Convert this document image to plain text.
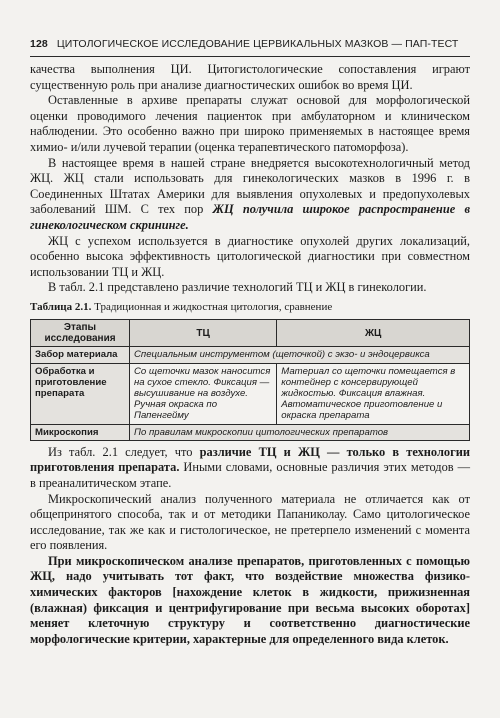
128 ЦИТОЛОГИЧЕСКОЕ ИССЛЕДОВАНИЕ ЦЕРВИКАЛЬНЫХ МАЗКОВ — ПАП-ТЕСТ

качества выполнения ЦИ. Цитогистологические сопоставления играют существенную роль при анализе диагностических ошибок во время ЦИ.

Оставленные в архиве препараты служат основой для морфологической оценки проводимого лечения пациенток при амбулаторном и клиническом наблюдении. Это особенно важно при широко применяемых в настоящее время химио- и/или лучевой терапии (оценка терапевтического патоморфоза).

В настоящее время в нашей стране внедряется высокотехнологичный метод ЖЦ. ЖЦ стали использовать для гинекологических мазков в 1996 г. в Соединенных Штатах Америки для выявления опухолевых и предопухолевых заболеваний ШМ. С тех пор ЖЦ получила широкое распространение в гинекологическом скрининге.

ЖЦ с успехом используется в диагностике опухолей других локализаций, особенно высока эффективность цитологической диагностики при совместном использовании ТЦ и ЖЦ.

В табл. 2.1 представлено различие технологий ТЦ и ЖЦ в гинекологии.

Таблица 2.1. Традиционная и жидкостная цитология, сравнение
Этапы исследования	ТЦ	ЖЦ
Забор материала	Специальным инструментом (щеточкой) с экзо- и эндоцервикса	
Обработка и приготовление препарата	Со щеточки мазок наносится на сухое стекло. Фиксация — высушивание на воздухе. Ручная окраска по Папенгейму	Материал со щеточки помещается в контейнер с консервирующей жидкостью. Фиксация влажная. Автоматическое приготовление и окраска препарата
Микроскопия	По правилам микроскопии цитологических препаратов	

Из табл. 2.1 следует, что различие ТЦ и ЖЦ — только в технологии приготовления препарата. Иными словами, основные различия этих методов — в преаналитическом этапе.

Микроскопический анализ полученного материала не отличается как от общепринятого способа, так и от методики Папаниколау. Само цитологическое исследование, так же как и гистологическое, не претерпело изменений с момента его появления.

При микроскопическом анализе препаратов, приготовленных с помощью ЖЦ, надо учитывать тот факт, что воздействие множества физико-химических факторов [нахождение клеток в жидкости, прижизненная (влажная) фиксация и центрифугирование при весьма высоких оборотах] меняет клеточную структуру и соответственно диагностические морфологические критерии, характерные для определенного вида клеток.
